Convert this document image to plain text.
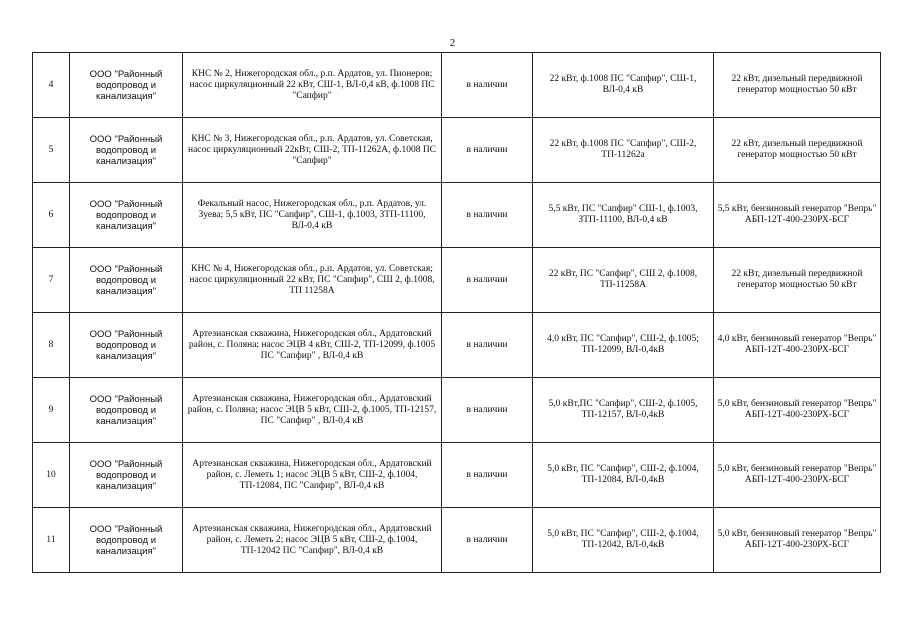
2
4	ООО "Районный водопровод и канализация"	КНС № 2, Нижегородская обл., р.п. Ардатов, ул. Пионеров; насос циркуляционный 22 кВт, СШ-1, ВЛ-0,4 кВ, ф.1008 ПС "Сапфир"	в наличии	22 кВт, ф.1008 ПС "Сапфир", СШ-1, ВЛ-0,4 кВ	22 кВт, дизельный передвижной генератор мощностью 50 кВт
5	ООО "Районный водопровод и канализация"	КНС № 3, Нижегородская обл., р.п. Ардатов, ул. Советская, насос циркуляционный 22кВт, СШ-2, ТП-11262А, ф.1008 ПС "Сапфир"	в наличии	22 кВт, ф.1008 ПС "Сапфир", СШ-2, ТП-11262а	22 кВт, дизельный передвижной генератор мощностью 50 кВт
6	ООО "Районный водопровод и канализация"	Фекальный насос, Нижегородская обл., р.п. Ардатов, ул. Зуева; 5,5 кВт, ПС "Сапфир", СШ-1, ф.1003, ЗТП-11100, ВЛ-0,4 кВ	в наличии	5,5 кВт, ПС "Сапфир" СШ-1, ф.1003, ЗТП-11100, ВЛ-0,4 кВ	5,5 кВт, бензиновый генератор "Вепрь" АБП-12Т-400-230РХ-БСГ
7	ООО "Районный водопровод и канализация"	КНС № 4, Нижегородская обл., р.п. Ардатов, ул. Советская; насос циркуляционный 22 кВт, ПС "Сапфир", СШ 2, ф.1008, ТП 11258А	в наличии	22 кВт, ПС "Сапфир", СШ 2, ф.1008, ТП-11258А	22 кВт, дизельный передвижной генератор мощностью 50 кВт
8	ООО "Районный водопровод и канализация"	Артезианская скважина, Нижегородская обл., Ардатовский район, с. Поляна; насос ЭЦВ 4 кВт, СШ-2, ТП-12099, ф.1005 ПС "Сапфир" , ВЛ-0,4 кВ	в наличии	4,0 кВт, ПС "Сапфир", СШ-2, ф.1005; ТП-12099, ВЛ-0,4кВ	4,0 кВт, бензиновый генератор "Вепрь" АБП-12Т-400-230РХ-БСГ
9	ООО "Районный водопровод и канализация"	Артезианская скважина, Нижегородская обл., Ардатовский район, с. Поляна; насос ЭЦВ 5 кВт, СШ-2, ф.1005, ТП-12157, ПС "Сапфир" , ВЛ-0,4 кВ	в наличии	5,0 кВт,ПС "Сапфир", СШ-2, ф.1005, ТП-12157, ВЛ-0,4кВ	5,0 кВт, бензиновый генератор "Вепрь" АБП-12Т-400-230РХ-БСГ
10	ООО "Районный водопровод и канализация"	Артезианская скважина, Нижегородская обл., Ардатовский район, с. Леметь 1; насос ЭЦВ 5 кВт, СШ-2, ф.1004, ТП-12084, ПС "Сапфир", ВЛ-0,4 кВ	в наличии	5,0 кВт, ПС "Сапфир", СШ-2, ф.1004, ТП-12084, ВЛ-0,4кВ	5,0 кВт, бензиновый генератор "Вепрь" АБП-12Т-400-230РХ-БСГ
11	ООО "Районный водопровод и канализация"	Артезианская скважина, Нижегородская обл., Ардатовский район, с. Леметь 2; насос ЭЦВ 5 кВт, СШ-2, ф.1004, ТП-12042 ПС "Сапфир", ВЛ-0,4 кВ	в наличии	5,0 кВт, ПС "Сапфир", СШ-2, ф.1004, ТП-12042, ВЛ-0,4кВ	5,0 кВт, бензиновый генератор "Вепрь" АБП-12Т-400-230РХ-БСГ
